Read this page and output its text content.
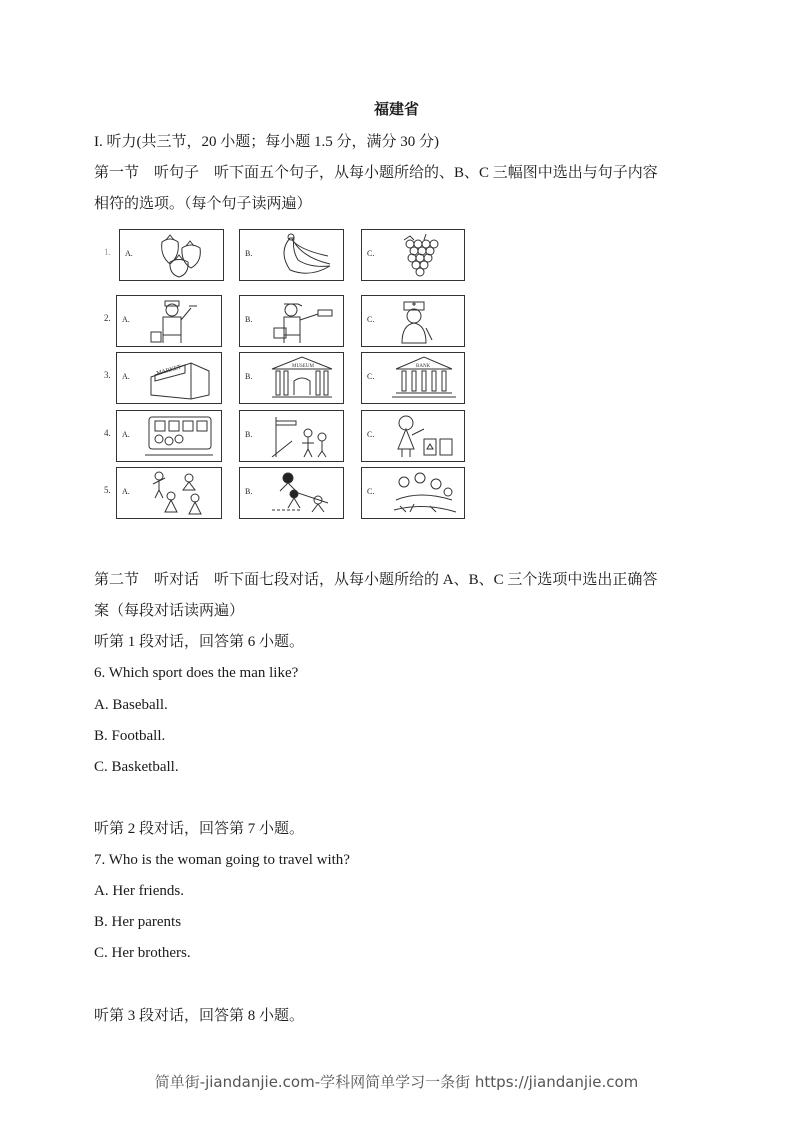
福建省
I. 听力(共三节，20 小题；每小题 1.5 分，满分 30 分)
第一节　听句子　听下面五个句子，从每小题所给的、B、C 三幅图中选出与句子内容
相符的选项。（每个句子读两遍）
1. A.	B.	C.
2. A.	B.	C.
3. A.	MARKET	B.
MUSEUM
C.
BANK
4. A.	B.	C.
5. A.	B.	C.
第二节　听对话　听下面七段对话，从每小题所给的 A、B、C 三个选项中选出正确答
案（每段对话读两遍）
听第 1 段对话，回答第 6 小题。
6. Which sport does the man like?
A. Baseball.
B. Football.
C. Basketball.
听第 2 段对话，回答第 7 小题。
7. Who is the woman going to travel with?
A. Her friends.
B. Her parents
C. Her brothers.
听第 3 段对话，回答第 8 小题。
简单街-jiandanjie.com-学科网简单学习一条街 https://jiandanjie.com
